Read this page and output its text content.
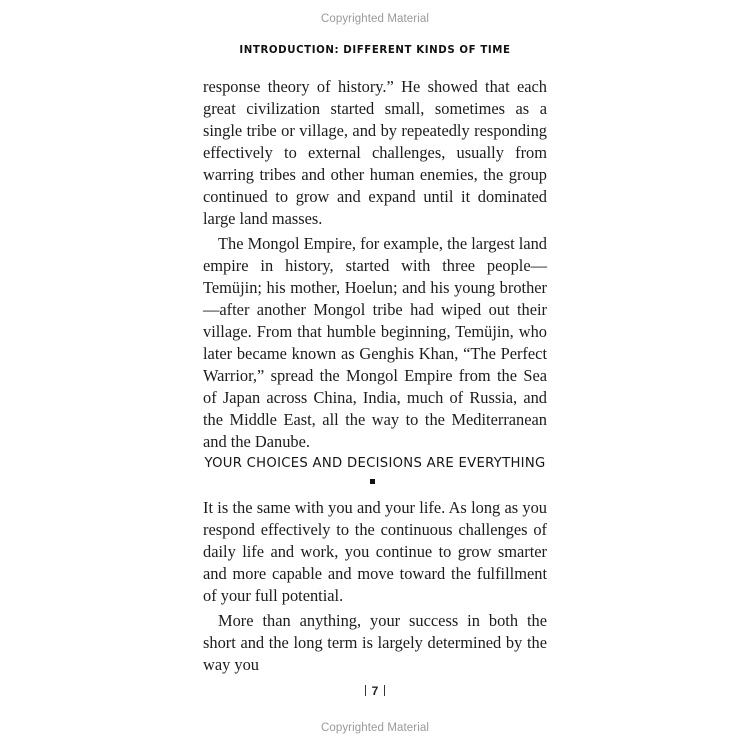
Copyrighted Material
INTRODUCTION: DIFFERENT KINDS OF TIME

response theory of history.” He showed that each great civilization started small, sometimes as a single tribe or village, and by repeatedly responding effectively to external challenges, usually from warring tribes and other human enemies, the group continued to grow and expand until it dominated large land masses.

The Mongol Empire, for example, the largest land empire in history, started with three people—Temüjin; his mother, Hoelun; and his young brother—after another Mongol tribe had wiped out their village. From that humble beginning, Temüjin, who later became known as Genghis Khan, “The Perfect Warrior,” spread the Mongol Empire from the Sea of Japan across China, India, much of Russia, and the Middle East, all the way to the Mediterranean and the Danube.

YOUR CHOICES AND DECISIONS ARE EVERYTHING

It is the same with you and your life. As long as you respond effectively to the continuous challenges of daily life and work, you continue to grow smarter and more capable and move toward the fulfillment of your full potential.

More than anything, your success in both the short and the long term is largely determined by the way you

7
Copyrighted Material
